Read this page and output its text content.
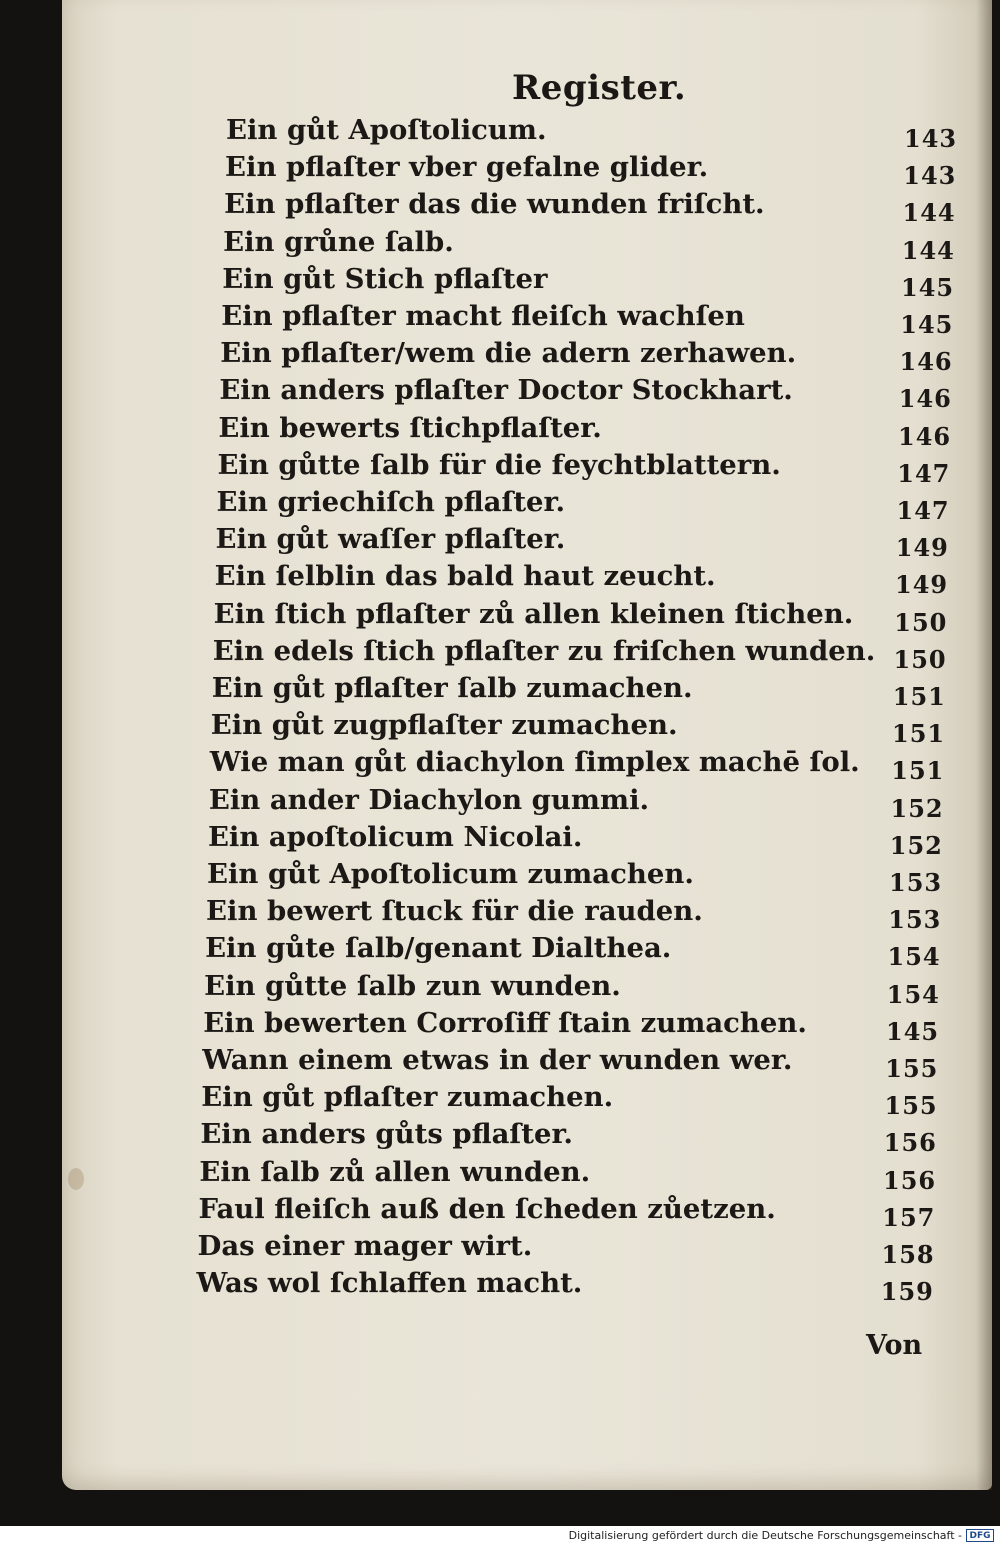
Register.
Ein gůt Apoſtolicum.	143
Ein pflaſter vber gefalne glider.	143
Ein pflaſter das die wunden friſcht.	144
Ein grůne ſalb.	144
Ein gůt Stich pflaſter	145
Ein pflaſter macht fleiſch wachſen	145
Ein pflaſter/wem die adern zerhawen.	146
Ein anders pflaſter Doctor Stockhart.	146
Ein bewerts ſtichpflaſter.	146
Ein gůtte ſalb für die feychtblattern.	147
Ein griechiſch pflaſter.	147
Ein gůt waſſer pflaſter.	149
Ein ſelblin das bald haut zeucht.	149
Ein ſtich pflaſter zů allen kleinen ſtichen. 150
Ein edels ſtich pflaſter zu friſchen wunden. 150
Ein gůt pflaſter ſalb zumachen.	151
Ein gůt zugpflaſter zumachen.	151
Wie man gůt diachylon ſimplex machē ſol. 151
Ein ander Diachylon gummi.	152
Ein apoſtolicum Nicolai.	152
Ein gůt Apoſtolicum zumachen.	153
Ein bewert ſtuck für die rauden.	153
Ein gůte ſalb/genant Dialthea.	154
Ein gůtte ſalb zun wunden.	154
Ein bewerten Corroſiff ſtain zumachen.	145
Wann einem etwas in der wunden wer.	155
Ein gůt pflaſter zumachen.	155
Ein anders gůts pflaſter.	156
Ein ſalb zů allen wunden.	156
Faul fleiſch auß den ſcheden zůetzen.	157
Das einer mager wirt.	158
Was wol ſchlaffen macht.	159
Von
Digitalisierung gefördert durch die Deutsche Forschungsgemeinschaft - DFG
